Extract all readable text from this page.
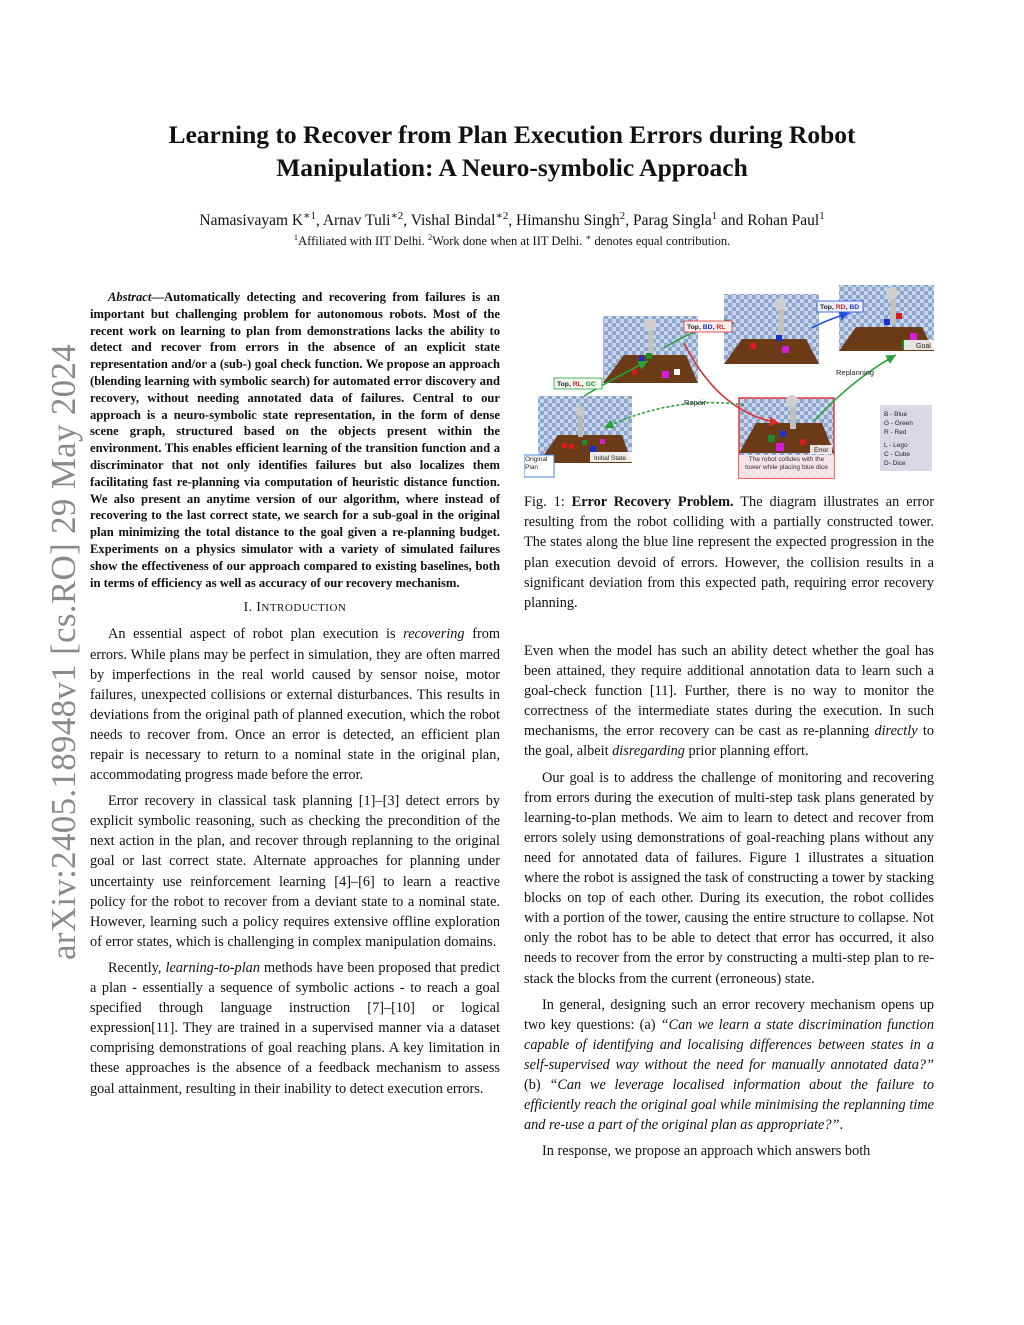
arXiv:2405.18948v1 [cs.RO] 29 May 2024
Learning to Recover from Plan Execution Errors during Robot Manipulation: A Neuro-symbolic Approach
Namasivayam $K^{∗1}$, Arnav Tuli$^{∗2}$, Vishal Bindal$^{∗2}$, Himanshu Singh$^2$, Parag Singla$^1$ and Rohan Paul$^1$
$^1$Affiliated with IIT Delhi. $^2$Work done when at IIT Delhi. ∗ denotes equal contribution.

Abstract—Automatically detecting and recovering from failures is an important but challenging problem for autonomous robots. Most of the recent work on learning to plan from demonstrations lacks the ability to detect and recover from errors in the absence of an explicit state representation and/or a (sub-) goal check function. We propose an approach (blending learning with symbolic search) for automated error discovery and recovery, without needing annotated data of failures. Central to our approach is a neuro-symbolic state representation, in the form of dense scene graph, structured based on the objects present within the environment. This enables efficient learning of the transition function and a discriminator that not only identifies failures but also localizes them facilitating fast re-planning via computation of heuristic distance function. We also present an anytime version of our algorithm, where instead of recovering to the last correct state, we search for a sub-goal in the original plan minimizing the total distance to the goal given a re-planning budget. Experiments on a physics simulator with a variety of simulated failures show the effectiveness of our approach compared to existing baselines, both in terms of efficiency as well as accuracy of our recovery mechanism.

I. INTRODUCTION

An essential aspect of robot plan execution is recovering from errors. While plans may be perfect in simulation, they are often marred by imperfections in the real world caused by sensor noise, motor failures, unexpected collisions or external disturbances. This results in deviations from the original path of planned execution, which the robot needs to recover from. Once an error is detected, an efficient plan repair is necessary to return to a nominal state in the original plan, accommodating progress made before the error.

Error recovery in classical task planning [1]–[3] detect errors by explicit symbolic reasoning, such as checking the precondition of the next action in the plan, and recover through replanning to the original goal or last correct state. Alternate approaches for planning under uncertainty use reinforcement learning [4]–[6] to learn a reactive policy for the robot to recover from a deviant state to a nominal state. However, learning such a policy requires extensive offline exploration of error states, which is challenging in complex manipulation domains.

Recently, learning-to-plan methods have been proposed that predict a plan - essentially a sequence of symbolic actions - to reach a goal specified through language instruction [7]–[10] or logical expression[11]. They are trained in a supervised manner via a dataset comprising demonstrations of goal reaching plans. A key limitation in these approaches is the absence of a feedback mechanism to assess goal attainment, resulting in their inability to detect execution errors.

Goal
Error
The robot collides with the tower while placing blue dice
Top, RL, GC
Top, BD, RL
Top, RD, BD
Replanning
Repair
Initial State
Original Plan
B - Blue
G - Green
R - Red
L - Lego
C - Cube
D- Dice
Fig. 1: Error Recovery Problem. The diagram illustrates an error resulting from the robot colliding with a partially constructed tower. The states along the blue line represent the expected progression in the plan execution devoid of errors. However, the collision results in a significant deviation from this expected path, requiring error recovery planning.

Even when the model has such an ability detect whether the goal has been attained, they require additional annotation data to learn such a goal-check function [11]. Further, there is no way to monitor the correctness of the intermediate states during the execution. In such mechanisms, the error recovery can be cast as re-planning directly to the goal, albeit disregarding prior planning effort.

Our goal is to address the challenge of monitoring and recovering from errors during the execution of multi-step task plans generated by learning-to-plan methods. We aim to learn to detect and recover from errors solely using demonstrations of goal-reaching plans without any need for annotated data of failures. Figure 1 illustrates a situation where the robot is assigned the task of constructing a tower by stacking blocks on top of each other. During its execution, the robot collides with a portion of the tower, causing the entire structure to collapse. Not only the robot has to be able to detect that error has occurred, it also needs to recover from the error by constructing a multi-step plan to re-stack the blocks from the current (erroneous) state.

In general, designing such an error recovery mechanism opens up two key questions: (a) “Can we learn a state discrimination function capable of identifying and localising differences between states in a self-supervised way without the need for manually annotated data?” (b) “Can we leverage localised information about the failure to efficiently reach the original goal while minimising the replanning time and re-use a part of the original plan as appropriate?”.

In response, we propose an approach which answers both
